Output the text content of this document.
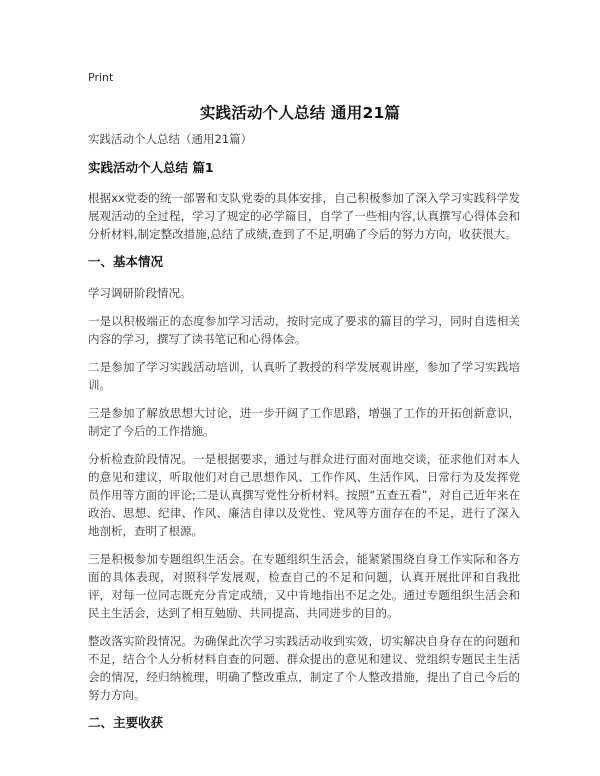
Print
实践活动个人总结 通用21篇

实践活动个人总结（通用21篇）

实践活动个人总结 篇1

根据xx党委的统一部署和支队党委的具体安排，自己积极参加了深入学习实践科学发展观活动的全过程，学习了规定的必学篇目，自学了一些相内容,认真撰写心得体会和分析材料,制定整改措施,总结了成绩,查到了不足,明确了今后的努力方向，收获很大。

一、基本情况

学习调研阶段情况。

一是以积极端正的态度参加学习活动，按时完成了要求的篇目的学习，同时自选相关内容的学习，撰写了读书笔记和心得体会。

二是参加了学习实践活动培训，认真听了教授的科学发展观讲座，参加了学习实践培训。

三是参加了解放思想大讨论，进一步开阔了工作思路，增强了工作的开拓创新意识，制定了今后的工作措施。

分析检查阶段情况。一是根据要求，通过与群众进行面对面地交谈，征求他们对本人的意见和建议，听取他们对自己思想作风、工作作风、生活作风、日常行为及发挥党员作用等方面的评论;二是认真撰写党性分析材料。按照“五查五看”，对自己近年来在政治、思想、纪律、作风、廉洁自律以及党性、党风等方面存在的不足，进行了深入地剖析，查明了根源。

三是积极参加专题组织生活会。在专题组织生活会，能紧紧围绕自身工作实际和各方面的具体表现，对照科学发展观，检查自己的不足和问题，认真开展批评和自我批评，对每一位同志既充分肯定成绩，又中肯地指出不足之处。通过专题组织生活会和民主生活会，达到了相互勉励、共同提高、共同进步的目的。

整改落实阶段情况。为确保此次学习实践活动收到实效，切实解决自身存在的问题和不足，结合个人分析材料自查的问题、群众提出的意见和建议、党组织专题民主生活会的情况，经归纳梳理，明确了整改重点，制定了个人整改措施，提出了自己今后的努力方向。

二、主要收获
